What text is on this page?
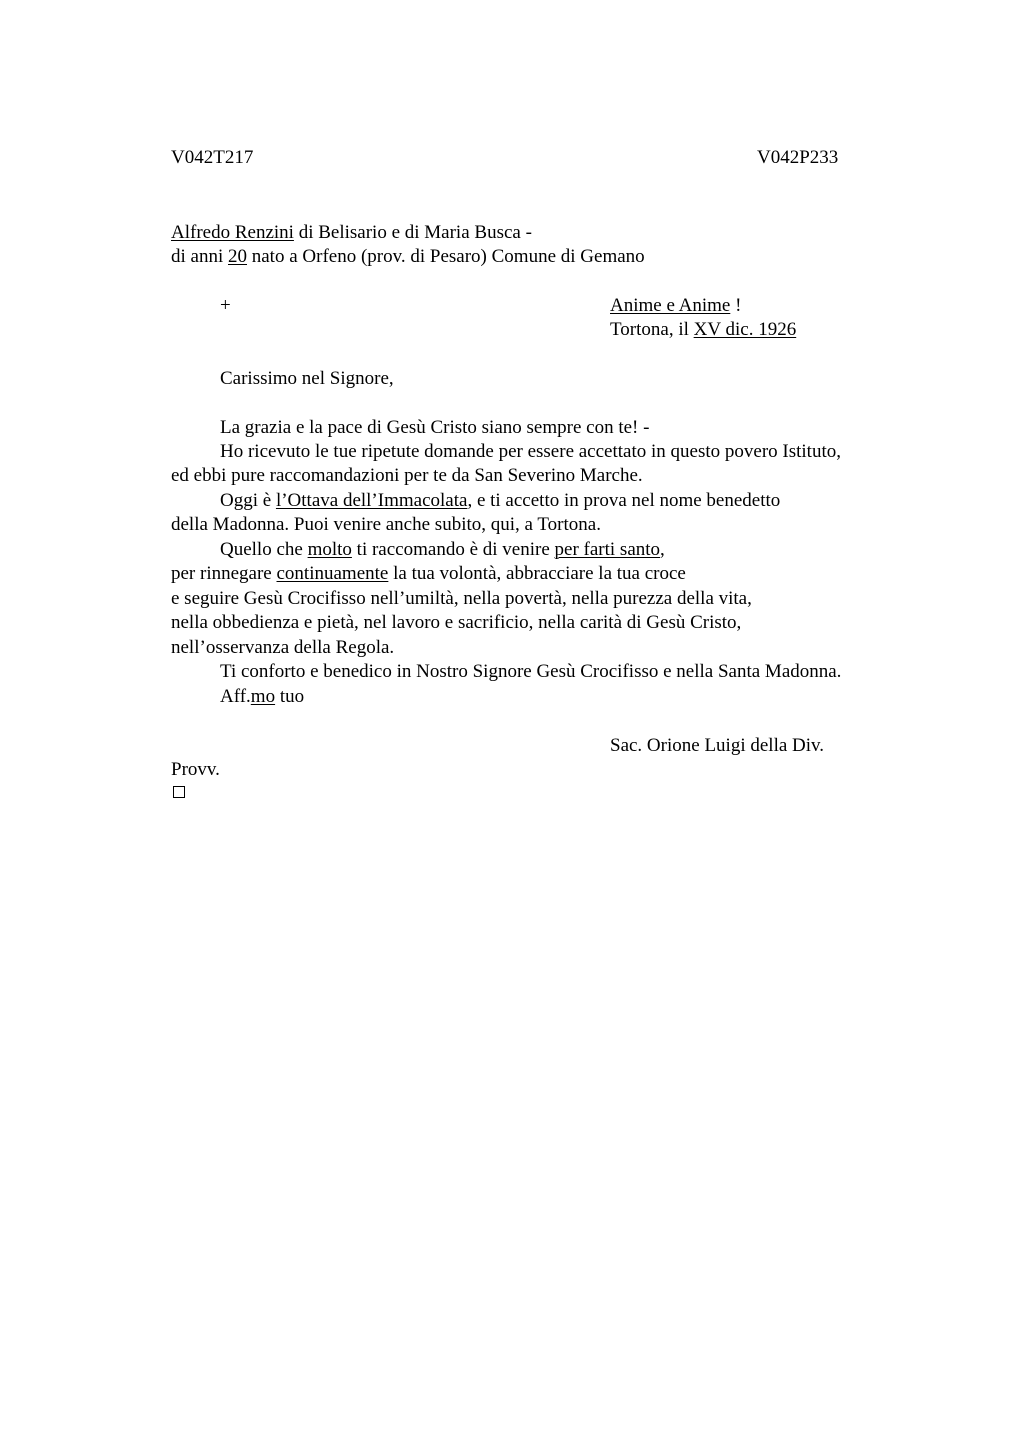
V042T217	V042P233
Alfredo Renzini di Belisario e di Maria Busca -
di anni 20 nato a Orfeno (prov. di Pesaro) Comune di Gemano
+	Anime e Anime !
Tortona, il XV dic. 1926
Carissimo nel Signore,
La grazia e la pace di Gesù Cristo siano sempre con te! -
Ho ricevuto le tue ripetute domande per essere accettato in questo povero Istituto,
ed ebbi pure raccomandazioni per te da San Severino Marche.
Oggi è l’Ottava dell’Immacolata, e ti accetto in prova nel nome benedetto
della Madonna. Puoi venire anche subito, qui, a Tortona.
Quello che molto ti raccomando è di venire per farti santo,
per rinnegare continuamente la tua volontà, abbracciare la tua croce
e seguire Gesù Crocifisso nell’umiltà, nella povertà, nella purezza della vita,
nella obbedienza e pietà, nel lavoro e sacrificio, nella carità di Gesù Cristo,
nell’osservanza della Regola.
Ti conforto e benedico in Nostro Signore Gesù Crocifisso e nella Santa Madonna.
Aff.mo tuo
Sac. Orione Luigi della Div.
Provv.
